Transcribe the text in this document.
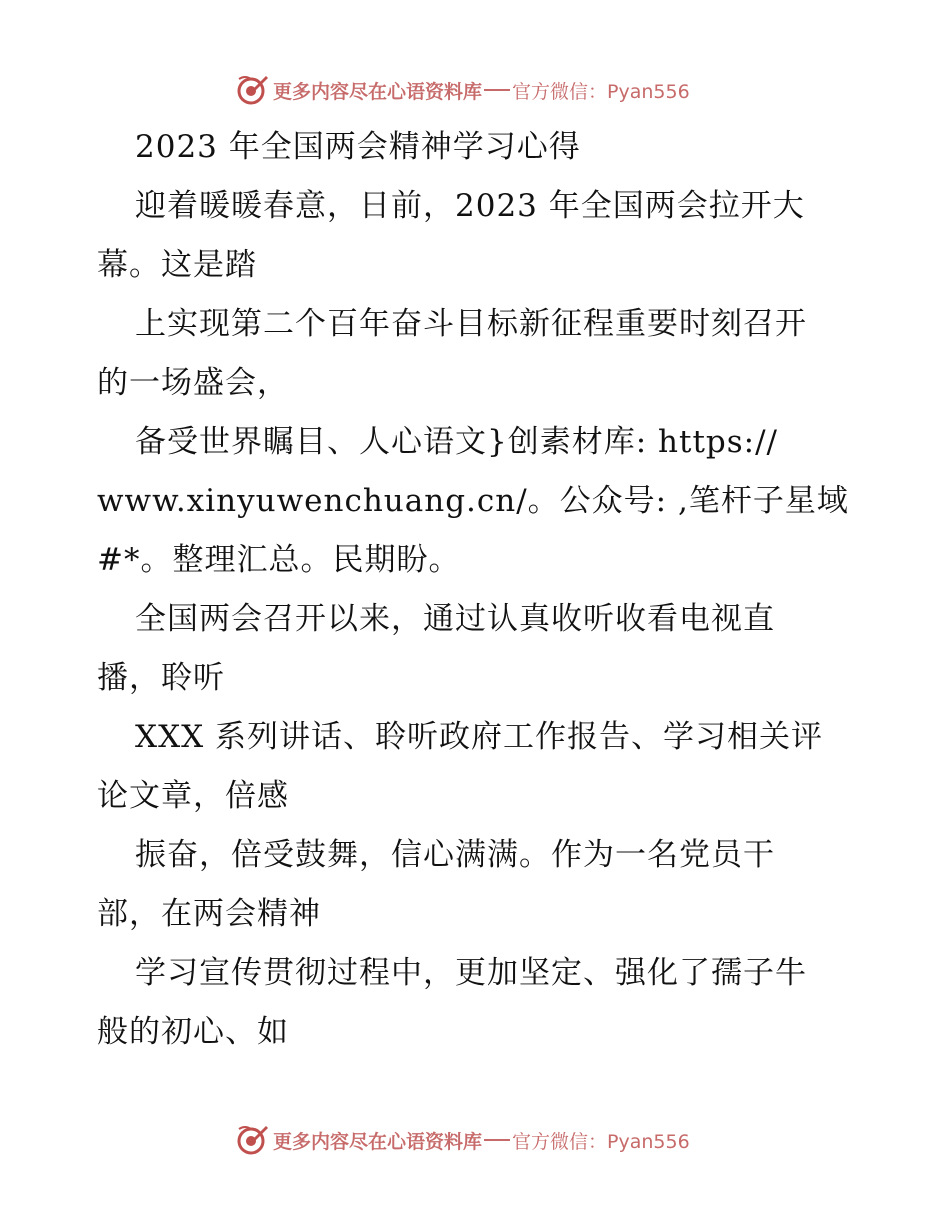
更多内容尽在心语资料库 官方微信：Pyan556
2023 年全国两会精神学习心得
迎着暖暖春意，日前，2023 年全国两会拉开大
幕。这是踏
上实现第二个百年奋斗目标新征程重要时刻召开
的一场盛会，
备受世界瞩目、人心语文}创素材库: https://
www.xinyuwenchuang.cn/。公众号: ,笔杆子星域
#*。整理汇总。民期盼。
全国两会召开以来，通过认真收听收看电视直
播，聆听
XXX 系列讲话、聆听政府工作报告、学习相关评
论文章，倍感
振奋，倍受鼓舞，信心满满。作为一名党员干
部，在两会精神
学习宣传贯彻过程中，更加坚定、强化了孺子牛
般的初心、如
更多内容尽在心语资料库 官方微信：Pyan556
